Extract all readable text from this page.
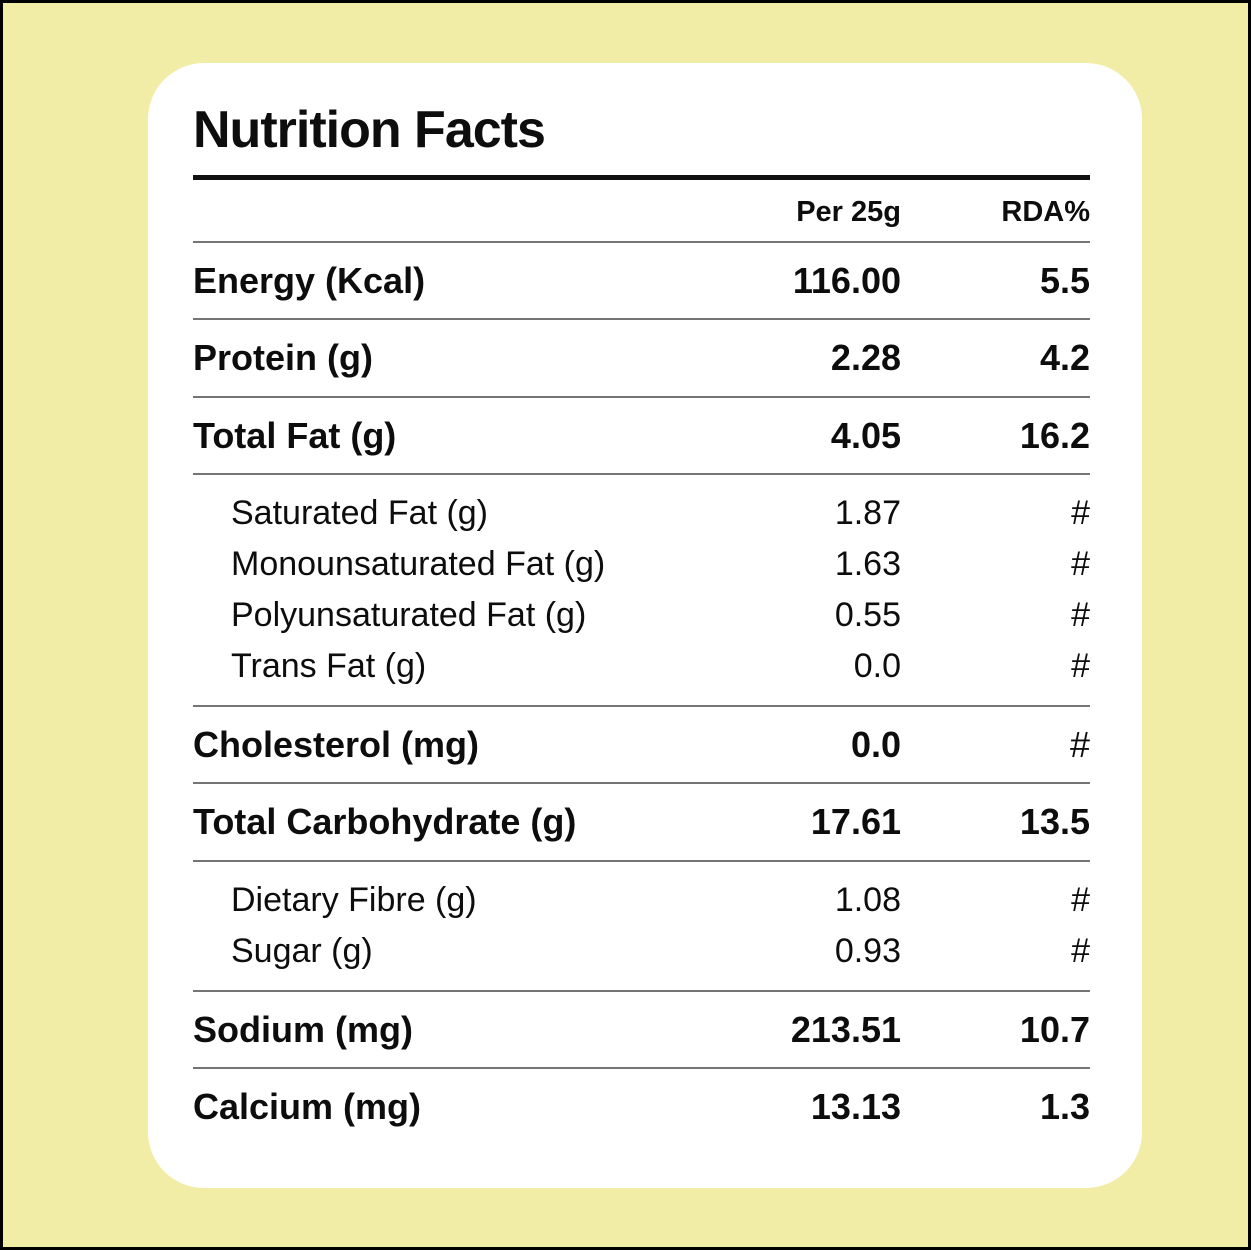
Nutrition Facts
Per 25g	RDA%
Energy (Kcal)	116.00	5.5
Protein (g)	2.28	4.2
Total Fat (g)	4.05	16.2
Saturated Fat (g)	1.87	#
Monounsaturated Fat (g)	1.63	#
Polyunsaturated Fat (g)	0.55	#
Trans Fat (g)	0.0	#
Cholesterol (mg)	0.0	#
Total Carbohydrate (g)	17.61	13.5
Dietary Fibre (g)	1.08	#
Sugar (g)	0.93	#
Sodium (mg)	213.51	10.7
Calcium (mg)	13.13	1.3
